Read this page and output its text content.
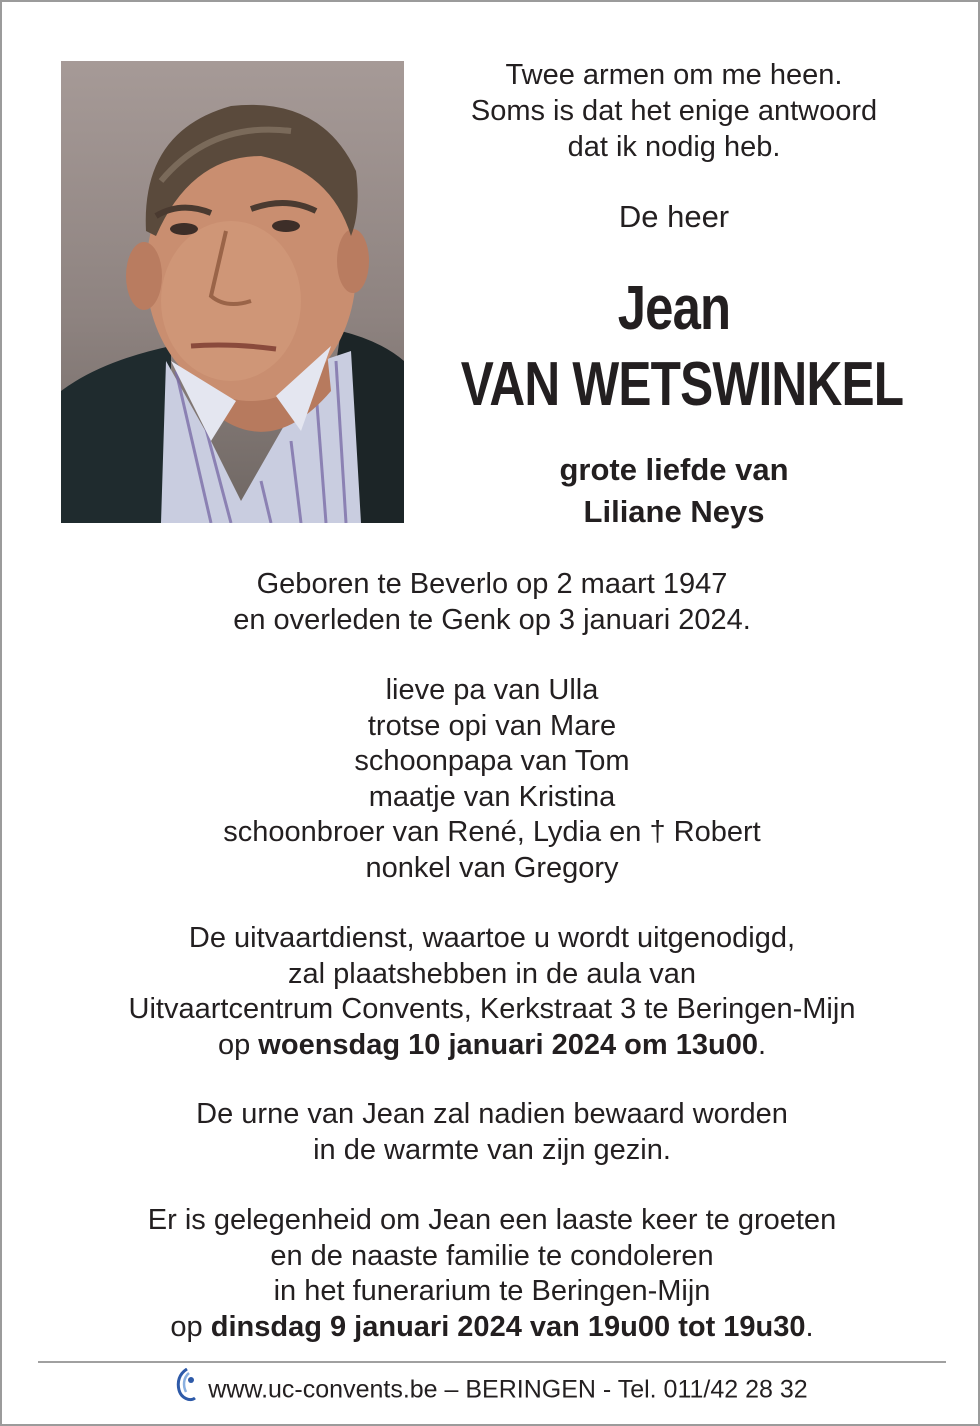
Twee armen om me heen.
Soms is dat het enige antwoord
dat ik nodig heb.
De heer
Jean
VAN WETSWINKEL
grote liefde van
Liliane Neys
Geboren te Beverlo op 2 maart 1947
en overleden te Genk op 3 januari 2024.
lieve pa van Ulla
trotse opi van Mare
schoonpapa van Tom
maatje van Kristina
schoonbroer van René, Lydia en † Robert
nonkel van Gregory
De uitvaartdienst, waartoe u wordt uitgenodigd,
zal plaatshebben in de aula van
Uitvaartcentrum Convents, Kerkstraat 3 te Beringen-Mijn
op woensdag 10 januari 2024 om 13u00.
De urne van Jean zal nadien bewaard worden
in de warmte van zijn gezin.
Er is gelegenheid om Jean een laaste keer te groeten
en de naaste familie te condoleren
in het funerarium te Beringen-Mijn
op dinsdag 9 januari 2024 van 19u00 tot 19u30.
www.uc-convents.be – BERINGEN - Tel. 011/42 28 32
